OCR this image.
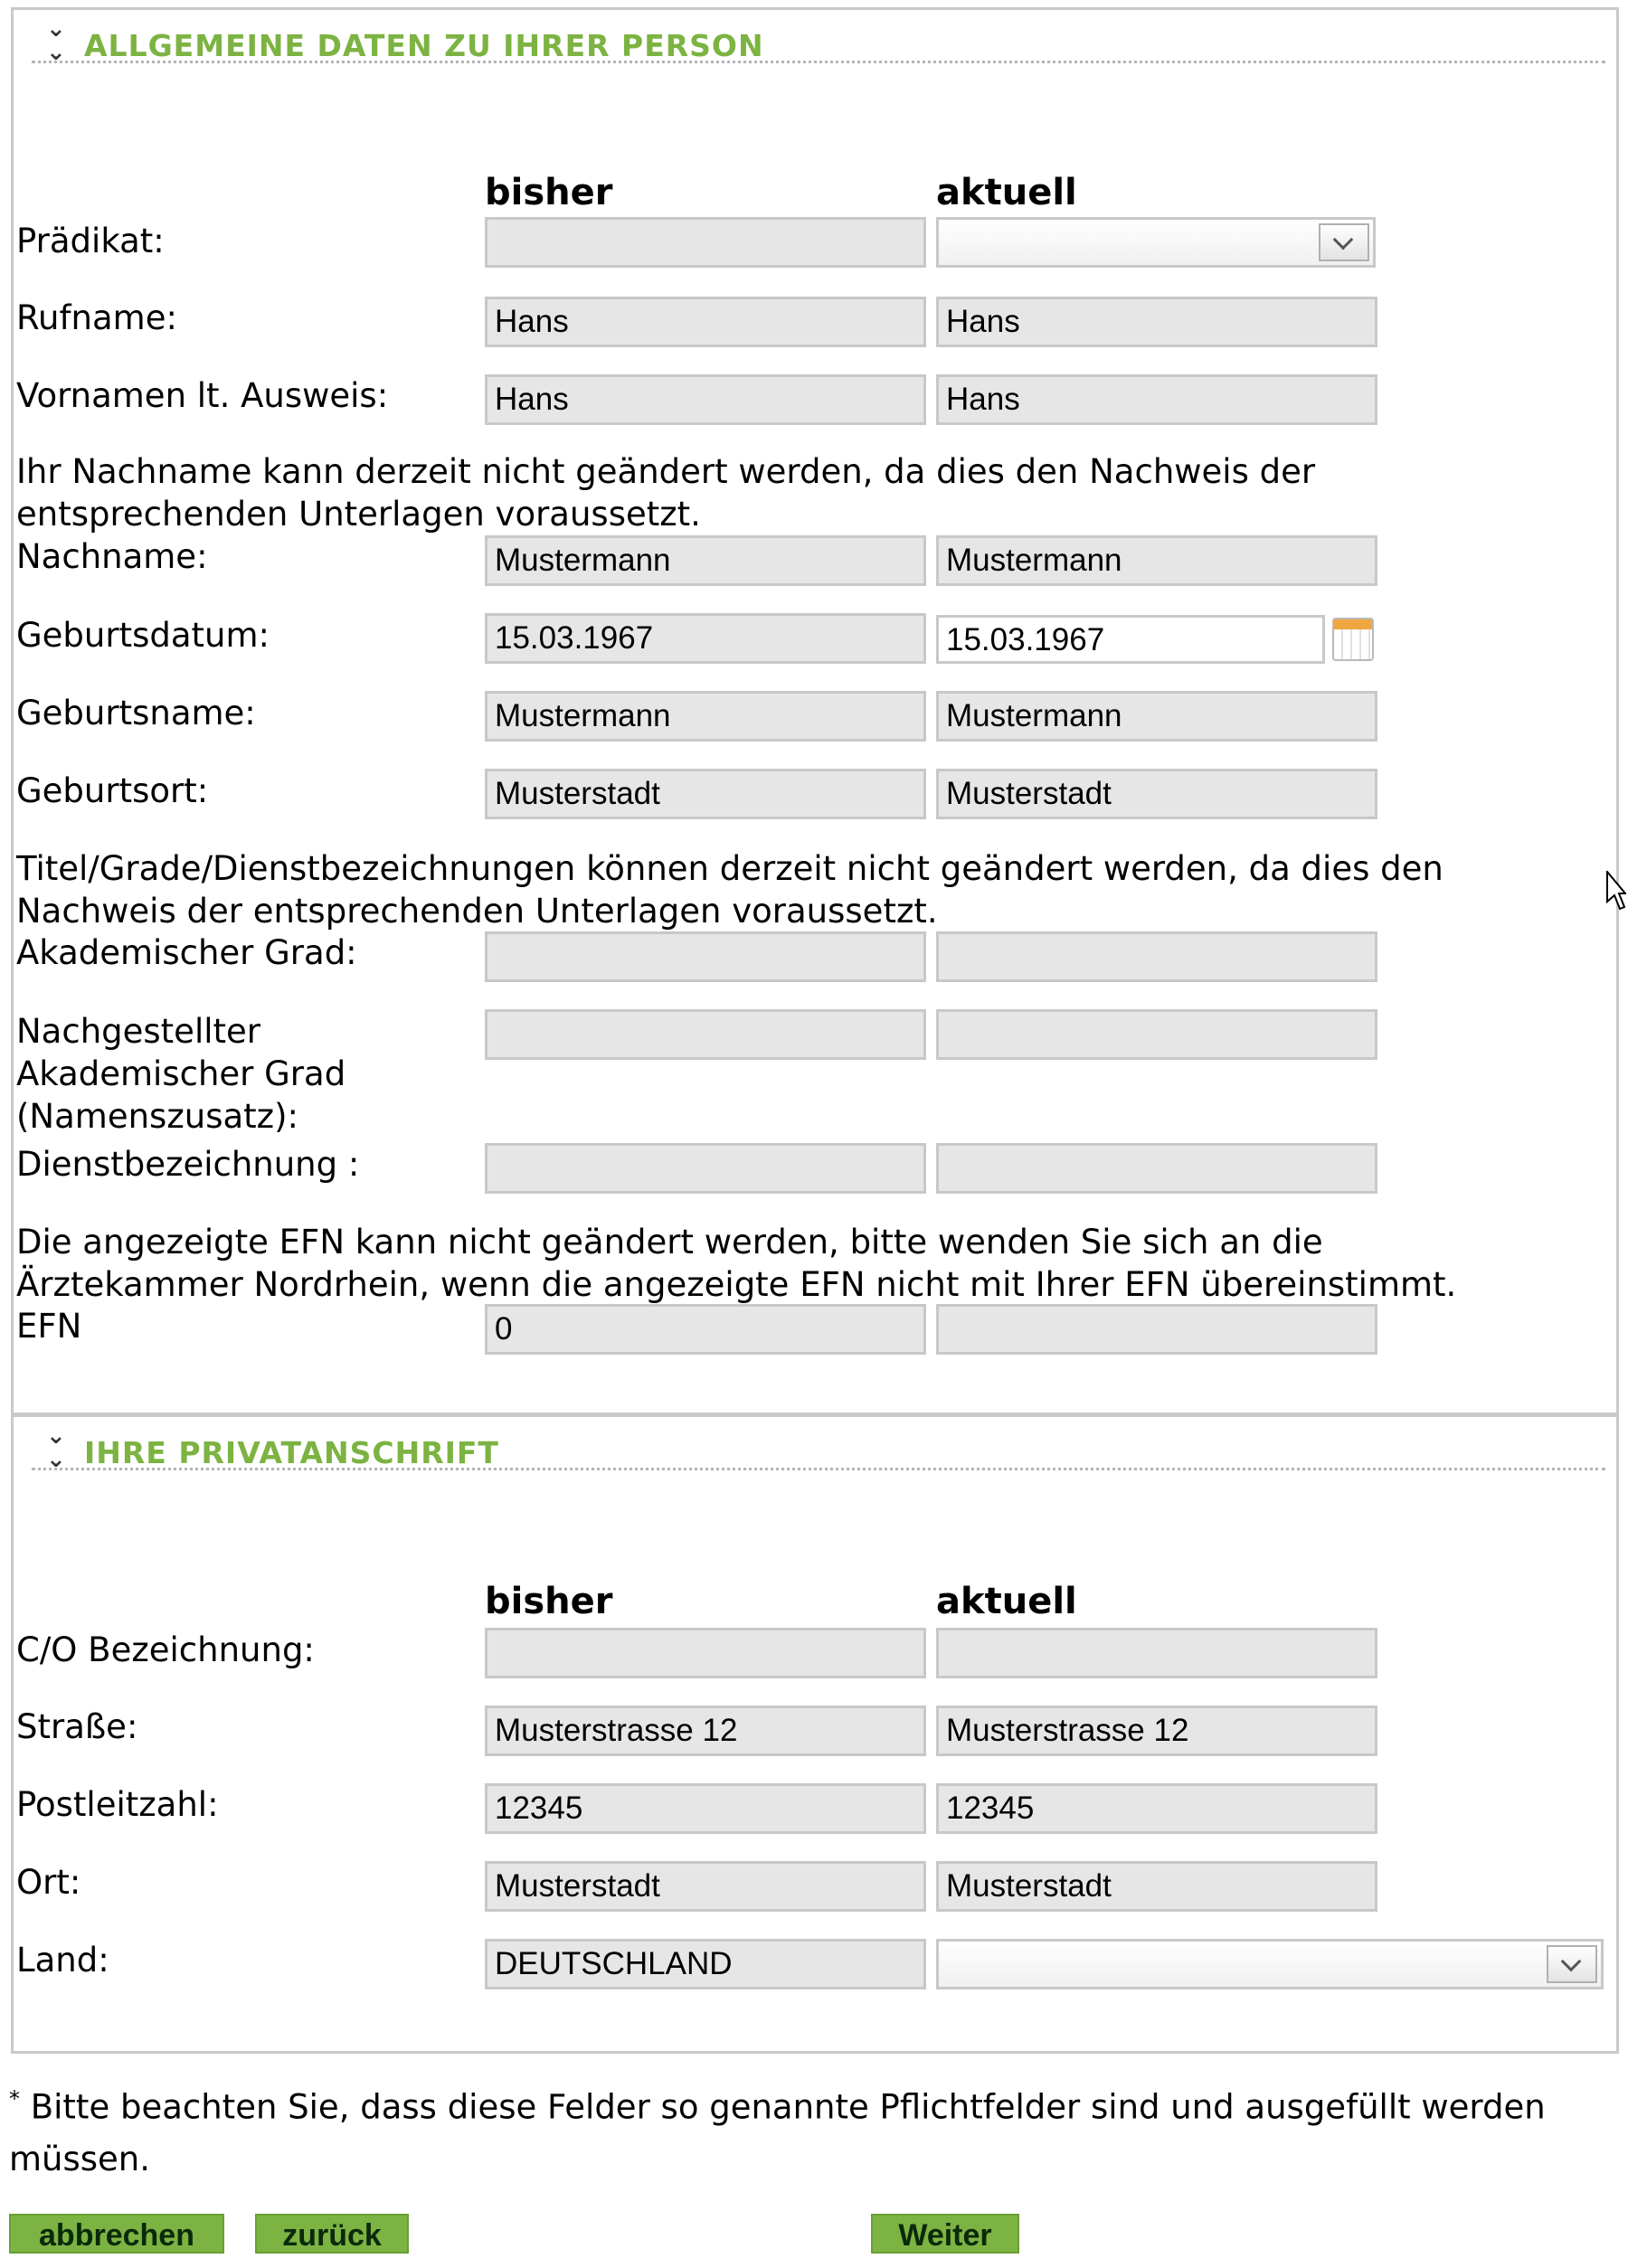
⌄
⌄ ALLGEMEINE DATEN ZU IHRER PERSON
bisher	aktuell
Prädikat:
Rufname:	Hans	Hans
Vornamen lt. Ausweis:	Hans	Hans
Ihr Nachname kann derzeit nicht geändert werden, da dies den Nachweis der
entsprechenden Unterlagen voraussetzt.
Nachname:	Mustermann	Mustermann
Geburtsdatum:	15.03.1967	15.03.1967
Geburtsname:	Mustermann	Mustermann
Geburtsort:	Musterstadt	Musterstadt
Titel/Grade/Dienstbezeichnungen können derzeit nicht geändert werden, da dies den
Nachweis der entsprechenden Unterlagen voraussetzt.
Akademischer Grad:
Nachgestellter
Akademischer Grad
(Namenszusatz):
Dienstbezeichnung :
Die angezeigte EFN kann nicht geändert werden, bitte wenden Sie sich an die
Ärztekammer Nordrhein, wenn die angezeigte EFN nicht mit Ihrer EFN übereinstimmt.
EFN	0
⌄
⌄ IHRE PRIVATANSCHRIFT
bisher	aktuell
C/O Bezeichnung:
Straße:	Musterstrasse 12	Musterstrasse 12
Postleitzahl:	12345	12345
Ort:	Musterstadt	Musterstadt
Land:	DEUTSCHLAND
* Bitte beachten Sie, dass diese Felder so genannte Pflichtfelder sind und ausgefüllt werden müssen.
abbrechen	zurück	Weiter
